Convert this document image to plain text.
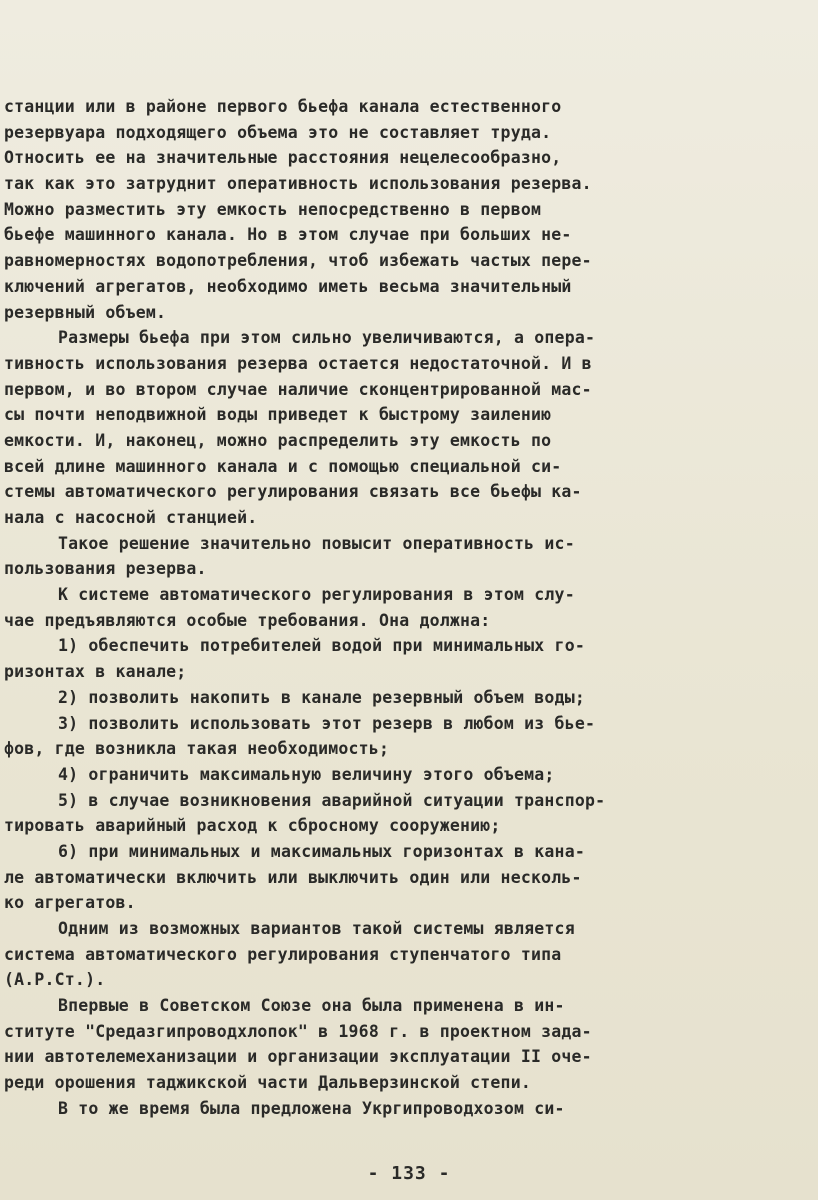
станции или в районе первого бьефа канала естественного
резервуара подходящего объема это не составляет труда.
Относить ее на значительные расстояния нецелесообразно,
так как это затруднит оперативность использования резерва.
Можно разместить эту емкость непосредственно в первом
бьефе машинного канала. Но в этом случае при больших не-
равномерностях водопотребления, чтоб избежать частых пере-
ключений агрегатов, необходимо иметь весьма значительный
резервный объем.
Размеры бьефа при этом сильно увеличиваются, а опера-
тивность использования резерва остается недостаточной. И в
первом, и во втором случае наличие сконцентрированной мас-
сы почти неподвижной воды приведет к быстрому заилению
емкости. И, наконец, можно распределить эту емкость по
всей длине машинного канала и с помощью специальной си-
стемы автоматического регулирования связать все бьефы ка-
нала с насосной станцией.
Такое решение значительно повысит оперативность ис-
пользования резерва.
К системе автоматического регулирования в этом слу-
чае предъявляются особые требования. Она должна:
1) обеспечить потребителей водой при минимальных го-
ризонтах в канале;
2) позволить накопить в канале резервный объем воды;
3) позволить использовать этот резерв в любом из бье-
фов, где возникла такая необходимость;
4) ограничить максимальную величину этого объема;
5) в случае возникновения аварийной ситуации транспор-
тировать аварийный расход к сбросному сооружению;
6) при минимальных и максимальных горизонтах в кана-
ле автоматически включить или выключить один или несколь-
ко агрегатов.
Одним из возможных вариантов такой системы является
система автоматического регулирования ступенчатого типа
(А.Р.Ст.).
Впервые в Советском Союзе она была применена в ин-
ституте "Средазгипроводхлопок" в 1968 г. в проектном зада-
нии автотелемеханизации и организации эксплуатации II оче-
реди орошения таджикской части Дальверзинской степи.
В то же время была предложена Укргипроводхозом си-
- 133 -
